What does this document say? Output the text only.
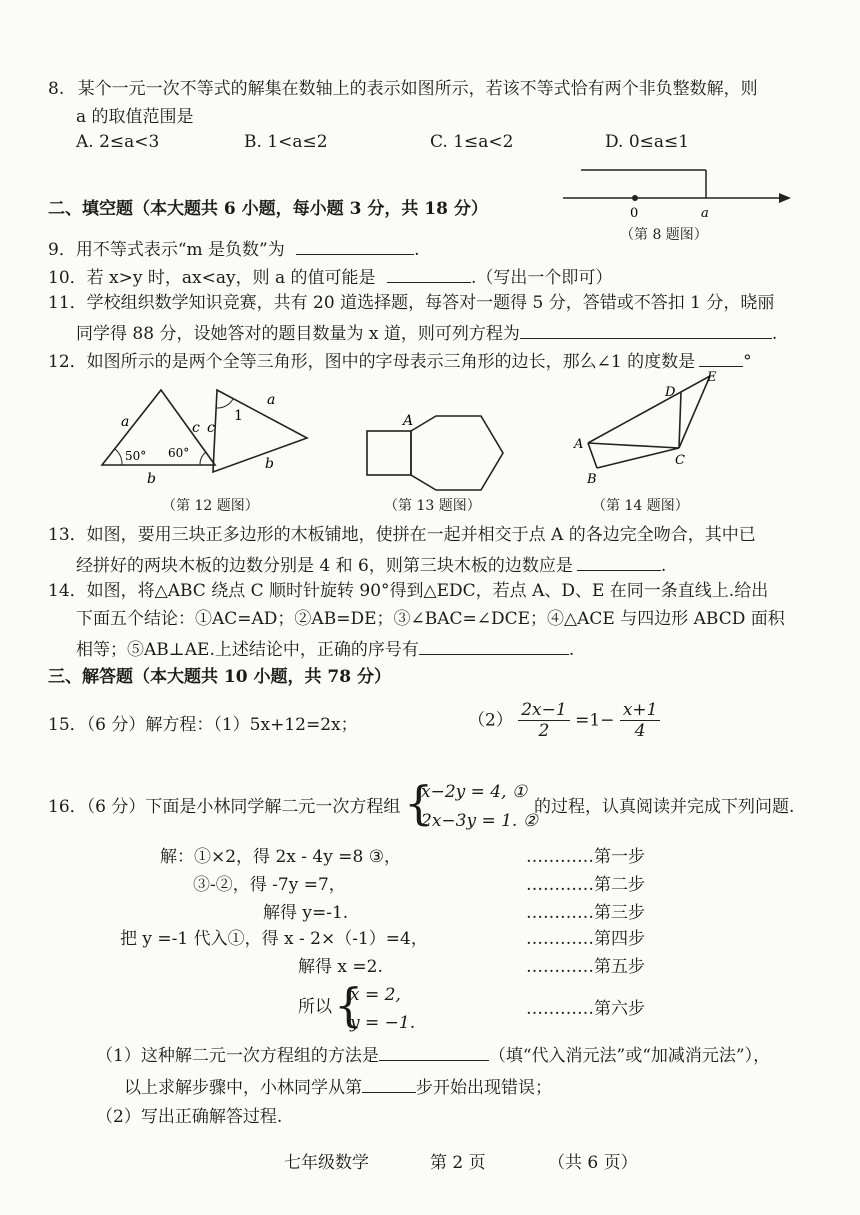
8. 某个一元一次不等式的解集在数轴上的表示如图所示，若该不等式恰有两个非负整数解，则
a 的取值范围是
A. 2≤a<3	B. 1<a≤2	C. 1≤a<2	D. 0≤a≤1
0	a
（第 8 题图）
二、填空题（本大题共 6 小题，每小题 3 分，共 18 分）
9．用不等式表示“m 是负数”为	.
10．若 x>y 时，ax<ay，则 a 的值可能是	.（写出一个即可）
11．学校组织数学知识竞赛，共有 20 道选择题，每答对一题得 5 分，答错或不答扣 1 分，晓丽
同学得 88 分，设她答对的题目数量为 x 道，则可列方程为	.
12．如图所示的是两个全等三角形，图中的字母表示三角形的边长，那么∠1 的度数是	°
a	c
b
50° 60°
c
a
b
1
（第 12 题图）
A
（第 13 题图）
D
E
A
B
C
（第 14 题图）
13．如图，要用三块正多边形的木板铺地，使拼在一起并相交于点 A 的各边完全吻合，其中已
经拼好的两块木板的边数分别是 4 和 6，则第三块木板的边数应是	.
14．如图，将△ABC 绕点 C 顺时针旋转 90°得到△EDC，若点 A、D、E 在同一条直线上.给出
下面五个结论：①AC=AD；②AB=DE；③∠BAC=∠DCE；④△ACE 与四边形 ABCD 面积
相等；⑤AB⊥AE.上述结论中，正确的序号有	.
三、解答题（本大题共 10 小题，共 78 分）
15．（6 分）解方程：（1）5x+12=2x；	$(2) \frac{2x-1}{2} =1- \frac{x+1}{4}$
16．（6 分）下面是小林同学解二元一次方程组 {
x−2y = 4, ①
2x−3y = 1. ②
的过程，认真阅读并完成下列问题.
解：①×2，得 2x - 4y =8 ③，	…………第一步
③-②，得 -7y =7，	…………第二步
解得 y=-1.	…………第三步
把 y =-1 代入①，得 x - 2×（-1）=4，	…………第四步
解得 x =2.	…………第五步
所以 {
x = 2,
y = −1.
…………第六步
（1）这种解二元一次方程组的方法是	（填“代入消元法”或“加减消元法”），
以上求解步骤中，小林同学从第	步开始出现错误；
（2）写出正确解答过程.
七年级数学	第 2 页	（共 6 页）
